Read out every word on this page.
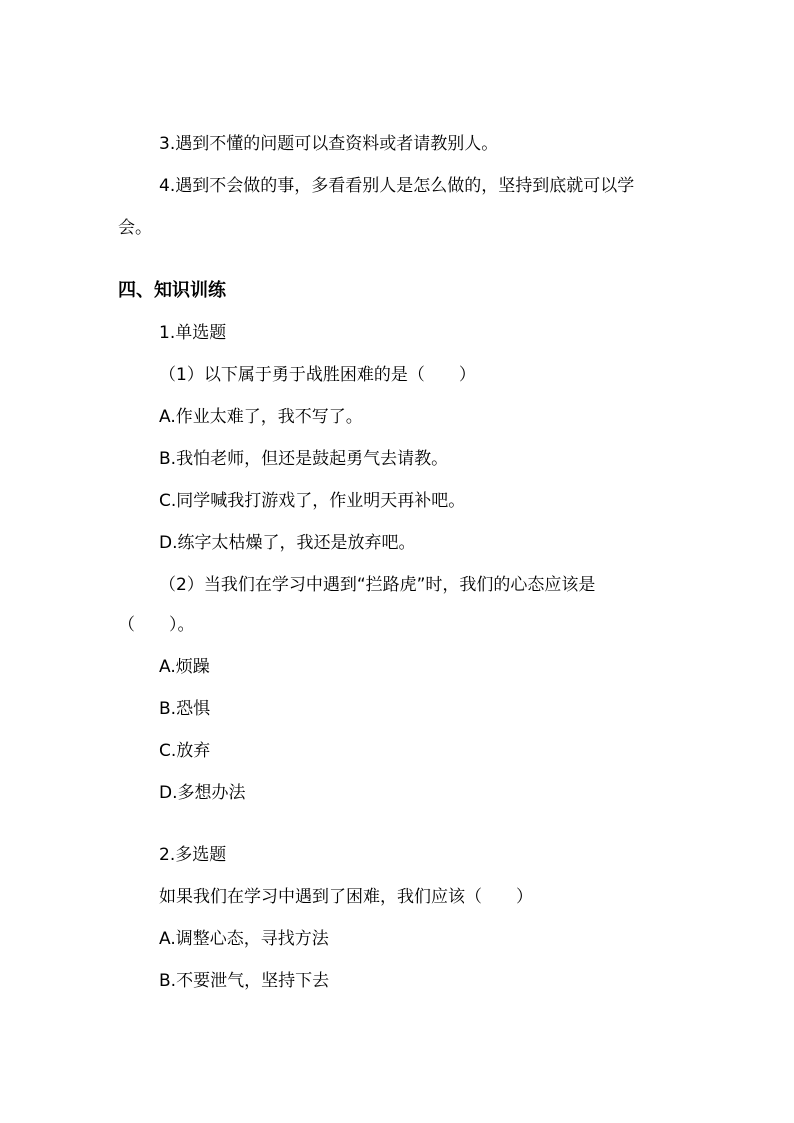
3.遇到不懂的问题可以查资料或者请教别人。
4.遇到不会做的事，多看看别人是怎么做的，坚持到底就可以学
会。
四、知识训练
1.单选题
（1）以下属于勇于战胜困难的是（　　）
A.作业太难了，我不写了。
B.我怕老师，但还是鼓起勇气去请教。
C.同学喊我打游戏了，作业明天再补吧。
D.练字太枯燥了，我还是放弃吧。
（2）当我们在学习中遇到“拦路虎”时，我们的心态应该是
（　　）。
A.烦躁
B.恐惧
C.放弃
D.多想办法
2.多选题
如果我们在学习中遇到了困难，我们应该（　　）
A.调整心态，寻找方法
B.不要泄气，坚持下去
